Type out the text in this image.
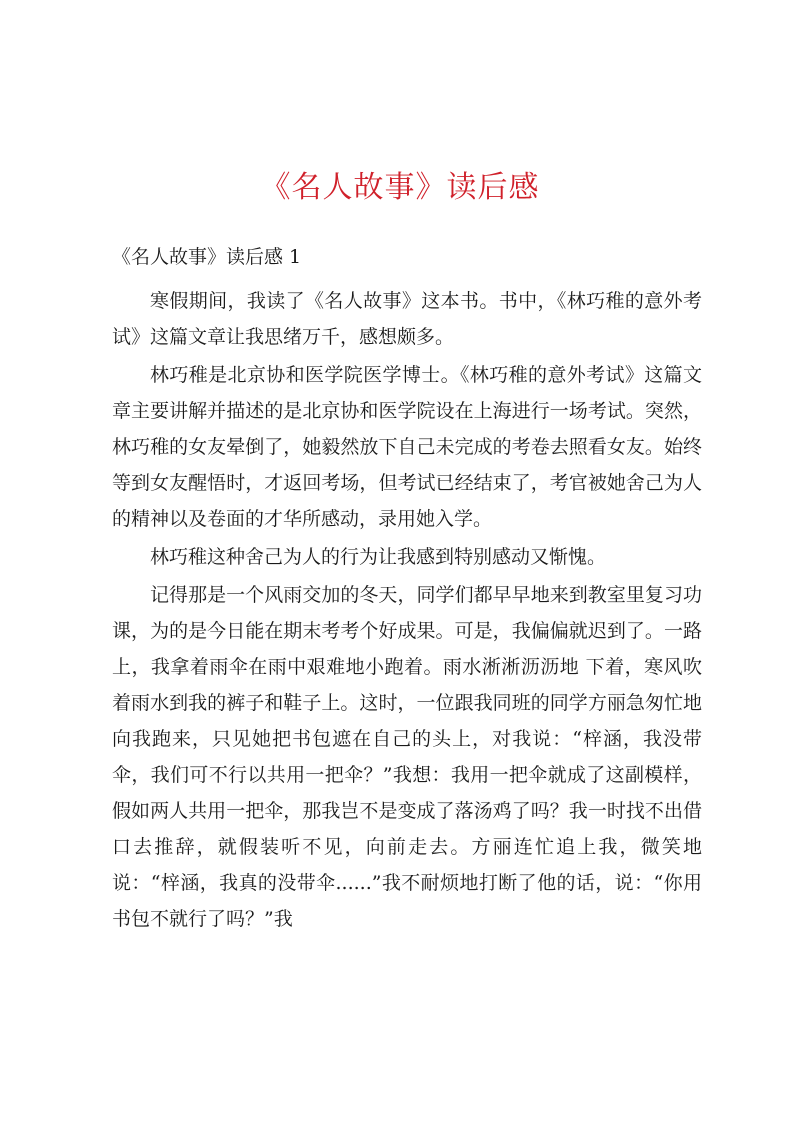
《名人故事》读后感

《名人故事》读后感 1

寒假期间，我读了《名人故事》这本书。书中，《林巧稚的意外考试》这篇文章让我思绪万千，感想颇多。

林巧稚是北京协和医学院医学博士。《林巧稚的意外考试》这篇文章主要讲解并描述的是北京协和医学院设在上海进行一场考试。突然，林巧稚的女友晕倒了，她毅然放下自己未完成的考卷去照看女友。始终等到女友醒悟时，才返回考场，但考试已经结束了，考官被她舍己为人的精神以及卷面的才华所感动，录用她入学。

林巧稚这种舍己为人的行为让我感到特别感动又惭愧。

记得那是一个风雨交加的冬天，同学们都早早地来到教室里复习功课，为的是今日能在期末考考个好成果。可是，我偏偏就迟到了。一路上，我拿着雨伞在雨中艰难地小跑着。雨水淅淅沥沥地 下着，寒风吹着雨水到我的裤子和鞋子上。这时，一位跟我同班的同学方丽急匆忙地向我跑来，只见她把书包遮在自己的头上，对我说：“梓涵，我没带伞，我们可不行以共用一把伞？”我想：我用一把伞就成了这副模样，假如两人共用一把伞，那我岂不是变成了落汤鸡了吗？我一时找不出借口去推辞，就假装听不见，向前走去。方丽连忙追上我，微笑地说：“梓涵，我真的没带伞......”我不耐烦地打断了他的话，说：“你用书包不就行了吗？”我
